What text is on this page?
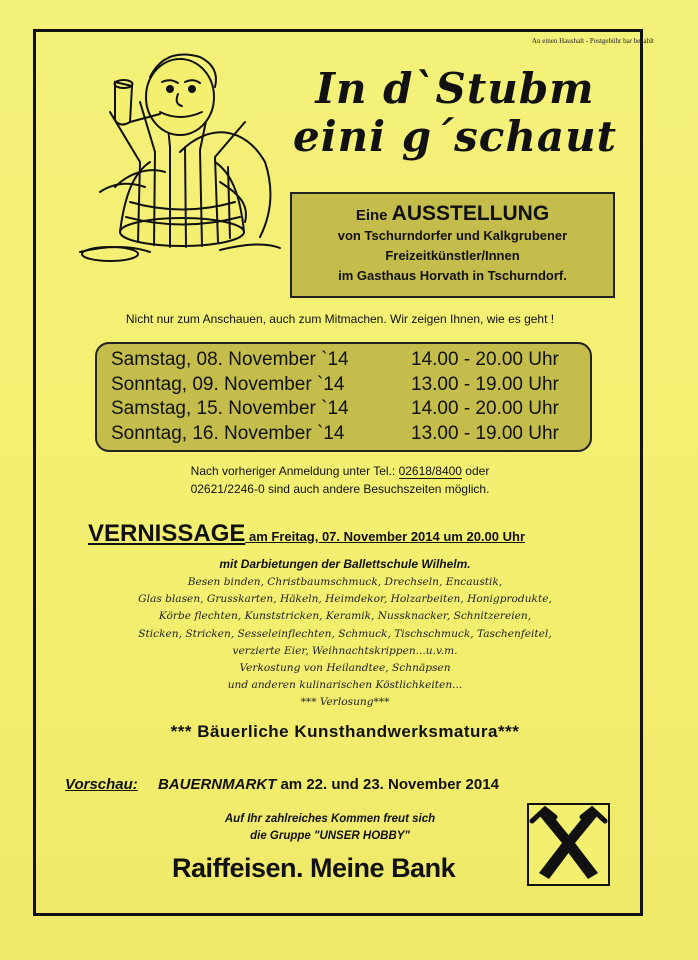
An einen Haushalt - Postgebühr bar bezahlt
In d`Stubm
eini g´schaut
Eine AUSSTELLUNG
von Tschurndorfer und Kalkgrubener
Freizeitkünstler/Innen
im Gasthaus Horvath in Tschurndorf.
Nicht nur zum Anschauen, auch zum Mitmachen. Wir zeigen Ihnen, wie es geht !
Samstag, 08. November `14	14.00 - 20.00 Uhr
Sonntag, 09. November `14	13.00 - 19.00 Uhr
Samstag, 15. November `14	14.00 - 20.00 Uhr
Sonntag, 16. November `14	13.00 - 19.00 Uhr
Nach vorheriger Anmeldung unter Tel.: 02618/8400 oder
02621/2246-0 sind auch andere Besuchszeiten möglich.
VERNISSAGE am Freitag, 07. November 2014 um 20.00 Uhr
mit Darbietungen der Ballettschule Wilhelm.
Besen binden, Christbaumschmuck, Drechseln, Encaustik,
Glas blasen, Grusskarten, Häkeln, Heimdekor, Holzarbeiten, Honigprodukte,
Körbe flechten, Kunststricken, Keramik, Nussknacker, Schnitzereien,
Sticken, Stricken, Sesseleinflechten, Schmuck, Tischschmuck, Taschenfeitel,
verzierte Eier, Weihnachtskrippen...u.v.m.
Verkostung von Heilandtee, Schnäpsen
und anderen kulinarischen Köstlichkeiten...
*** Verlosung***
*** Bäuerliche Kunsthandwerksmatura***
Vorschau: BAUERNMARKT am 22. und 23. November 2014
Auf Ihr zahlreiches Kommen freut sich
die Gruppe "UNSER HOBBY"
Raiffeisen. Meine Bank
